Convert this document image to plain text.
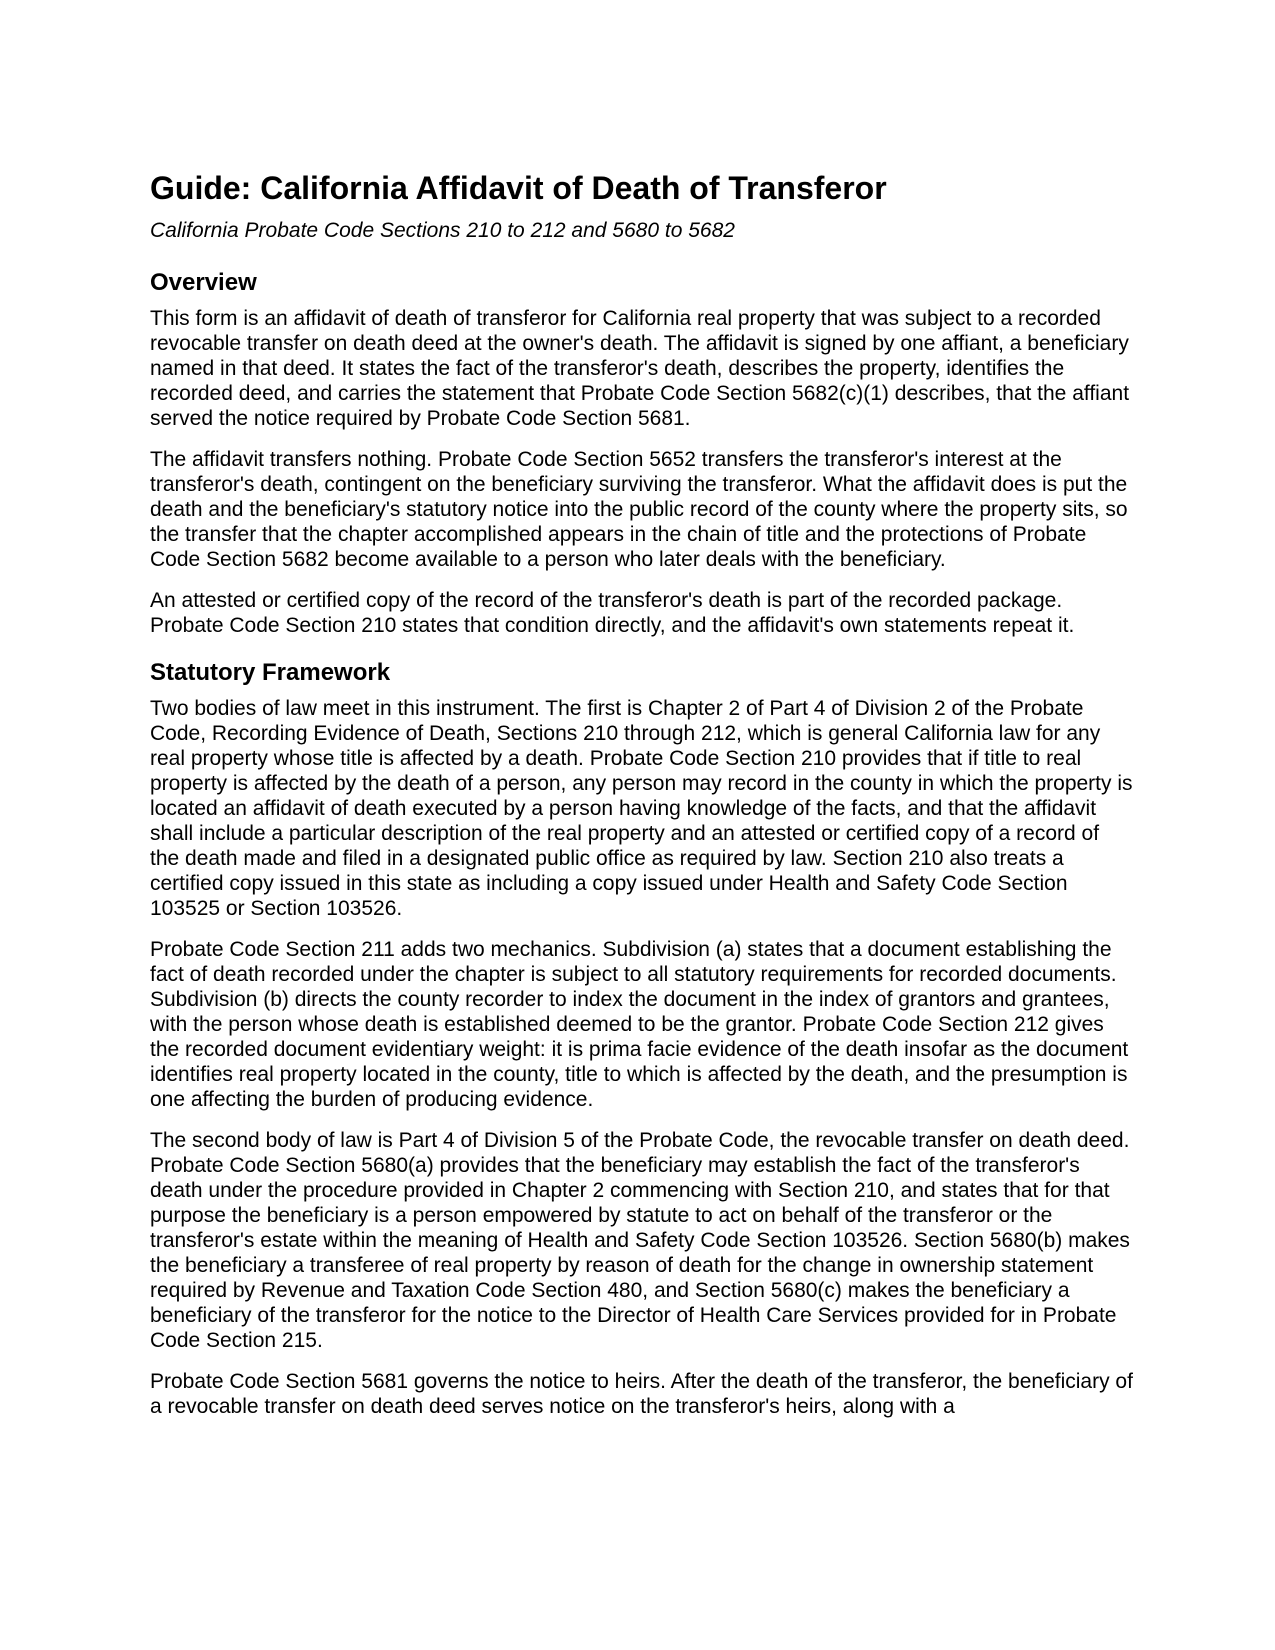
Guide: California Affidavit of Death of Transferor
California Probate Code Sections 210 to 212 and 5680 to 5682
Overview

This form is an affidavit of death of transferor for California real property that was subject to a recorded revocable transfer on death deed at the owner's death. The affidavit is signed by one affiant, a beneficiary named in that deed. It states the fact of the transferor's death, describes the property, identifies the recorded deed, and carries the statement that Probate Code Section 5682(c)(1) describes, that the affiant served the notice required by Probate Code Section 5681.

The affidavit transfers nothing. Probate Code Section 5652 transfers the transferor's interest at the transferor's death, contingent on the beneficiary surviving the transferor. What the affidavit does is put the death and the beneficiary's statutory notice into the public record of the county where the property sits, so the transfer that the chapter accomplished appears in the chain of title and the protections of Probate Code Section 5682 become available to a person who later deals with the beneficiary.

An attested or certified copy of the record of the transferor's death is part of the recorded package. Probate Code Section 210 states that condition directly, and the affidavit's own statements repeat it.

Statutory Framework

Two bodies of law meet in this instrument. The first is Chapter 2 of Part 4 of Division 2 of the Probate Code, Recording Evidence of Death, Sections 210 through 212, which is general California law for any real property whose title is affected by a death. Probate Code Section 210 provides that if title to real property is affected by the death of a person, any person may record in the county in which the property is located an affidavit of death executed by a person having knowledge of the facts, and that the affidavit shall include a particular description of the real property and an attested or certified copy of a record of the death made and filed in a designated public office as required by law. Section 210 also treats a certified copy issued in this state as including a copy issued under Health and Safety Code Section 103525 or Section 103526.

Probate Code Section 211 adds two mechanics. Subdivision (a) states that a document establishing the fact of death recorded under the chapter is subject to all statutory requirements for recorded documents. Subdivision (b) directs the county recorder to index the document in the index of grantors and grantees, with the person whose death is established deemed to be the grantor. Probate Code Section 212 gives the recorded document evidentiary weight: it is prima facie evidence of the death insofar as the document identifies real property located in the county, title to which is affected by the death, and the presumption is one affecting the burden of producing evidence.

The second body of law is Part 4 of Division 5 of the Probate Code, the revocable transfer on death deed. Probate Code Section 5680(a) provides that the beneficiary may establish the fact of the transferor's death under the procedure provided in Chapter 2 commencing with Section 210, and states that for that purpose the beneficiary is a person empowered by statute to act on behalf of the transferor or the transferor's estate within the meaning of Health and Safety Code Section 103526. Section 5680(b) makes the beneficiary a transferee of real property by reason of death for the change in ownership statement required by Revenue and Taxation Code Section 480, and Section 5680(c) makes the beneficiary a beneficiary of the transferor for the notice to the Director of Health Care Services provided for in Probate Code Section 215.

Probate Code Section 5681 governs the notice to heirs. After the death of the transferor, the beneficiary of a revocable transfer on death deed serves notice on the transferor's heirs, along with a
